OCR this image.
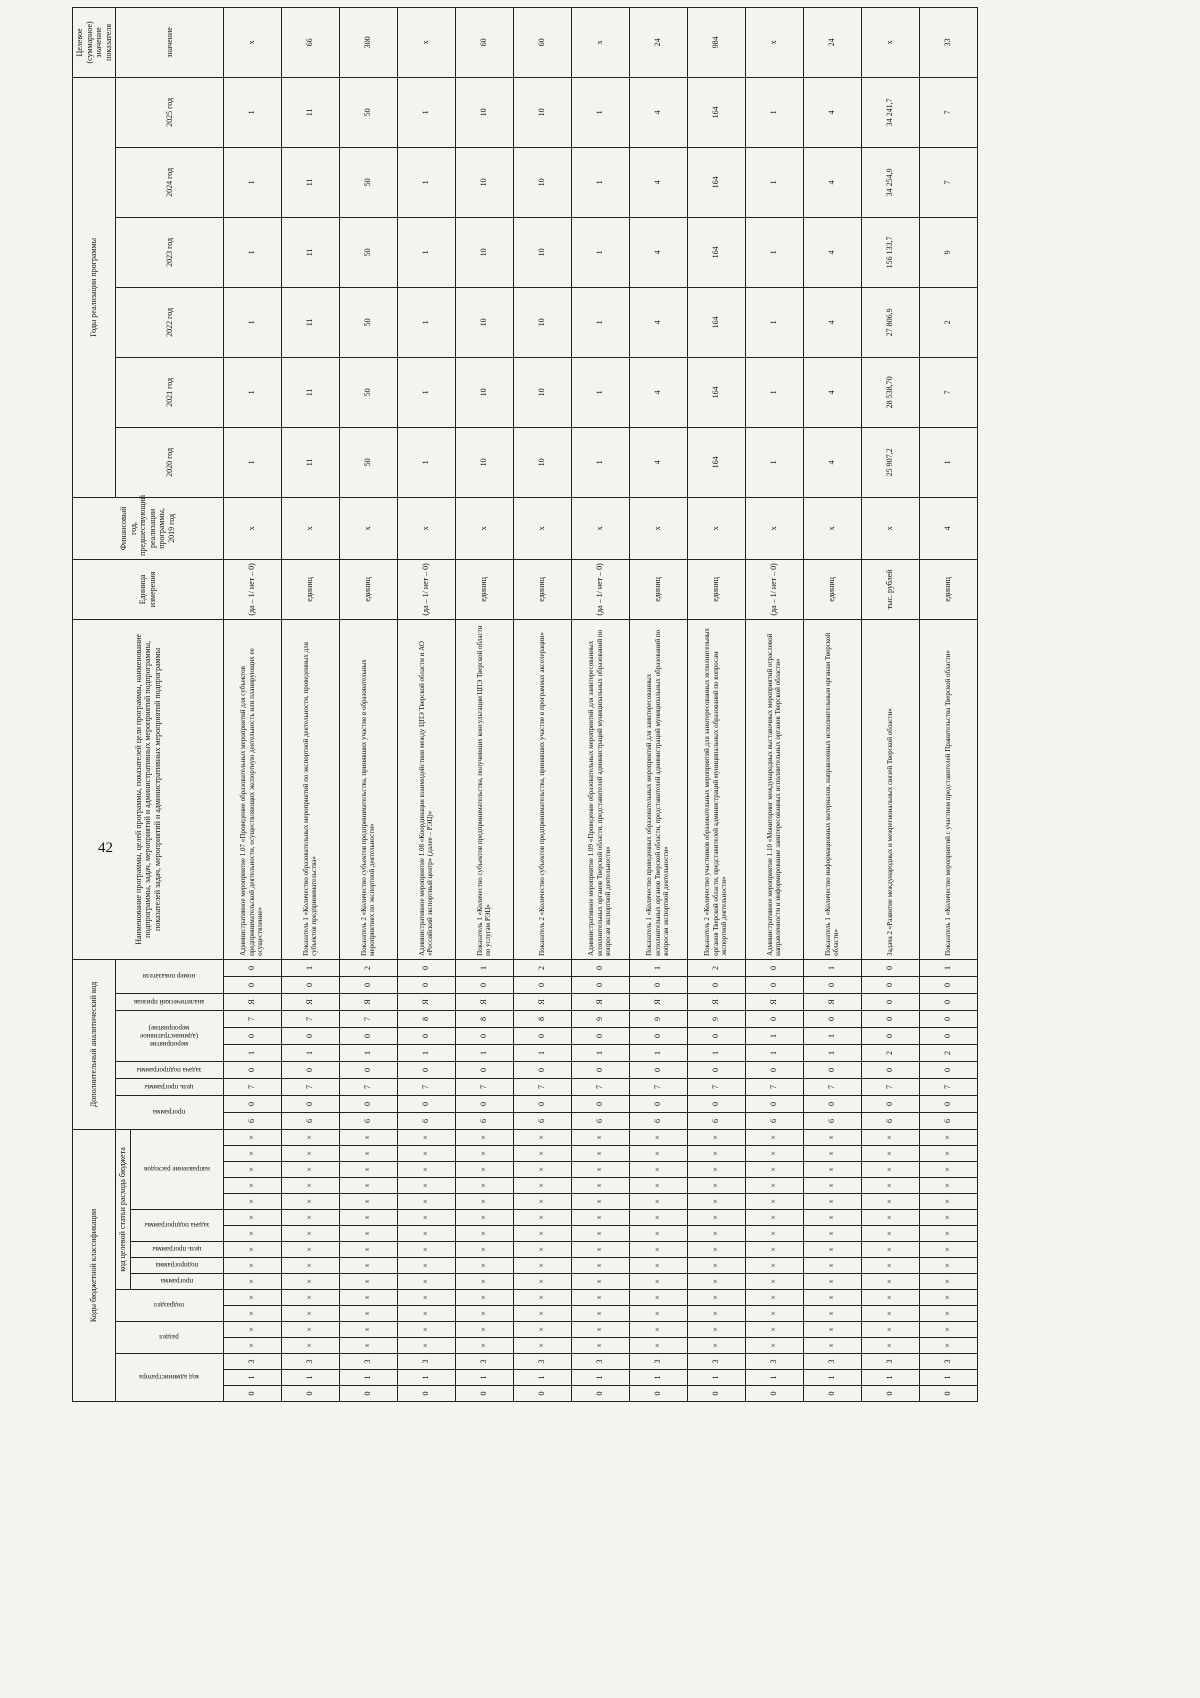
42
Коды бюджетной классификации																	Дополнительный аналитический код										Наименование программы, целей программы, показателей цели программы, наименование подпрограммы, задач, мероприятий и административных мероприятий подпрограммы, показателей задач, мероприятий и административных мероприятий подпрограммы	Единица измерения	Финансовый год, предшествующий реализации программы, 2019 год	Годы реализации программы						Целевое (суммарное) значение показателя

код администратора			раздел		подраздел		код целевой статьи расхода бюджета										программа		цель программы	задача подпрограммы	мероприятие (административное мероприятие)			аналитический признак	номер показателя					2020 год	2021 год	2022 год	2023 год	2024 год	2025 год	значение

							программа	подпрограмма	цель программы	задача подпрограммы		направление расходов																								

0	1	3	×	×	×	×	×	×	×	×	×	×	×	×	×	×	6	0	7	0	1	0	7	Я	0	0	Административное мероприятие 1.07 «Проведение образовательных мероприятий для субъектов предпринимательской деятельности, осуществляющих экспортную деятельность или планирующих ее осуществление»	(да – 1/ нет – 0)	x	1	1	1	1	1	1	x
0	1	3	×	×	×	×	×	×	×	×	×	×	×	×	×	×	6	0	7	0	1	0	7	Я	0	1	Показатель 1 «Количество образовательных мероприятий по экспортной деятельности, проведенных для субъектов предпринимательства»	единиц	x	11	11	11	11	11	11	66
0	1	3	×	×	×	×	×	×	×	×	×	×	×	×	×	×	6	0	7	0	1	0	7	Я	0	2	Показатель 2 «Количество субъектов предпринимательства, принявших участие в образовательных мероприятиях по экспортной деятельности»	единиц	x	50	50	50	50	50	50	300
0	1	3	×	×	×	×	×	×	×	×	×	×	×	×	×	×	6	0	7	0	1	0	8	Я	0	0	Административное мероприятие 1.08 «Координация взаимодействия между ЦПЭ Тверской области и АО «Российский экспортный центр» (далее – РЭЦ)»	(да – 1/ нет – 0)	x	1	1	1	1	1	1	x
0	1	3	×	×	×	×	×	×	×	×	×	×	×	×	×	×	6	0	7	0	1	0	8	Я	0	1	Показатель 1 «Количество субъектов предпринимательства, получивших консультации ЦПЭ Тверской области по услугам РЭЦ»	единиц	x	10	10	10	10	10	10	60
0	1	3	×	×	×	×	×	×	×	×	×	×	×	×	×	×	6	0	7	0	1	0	8	Я	0	2	Показатель 2 «Количество субъектов предпринимательства, принявших участие в программах акселерации»	единиц	x	10	10	10	10	10	10	60
0	1	3	×	×	×	×	×	×	×	×	×	×	×	×	×	×	6	0	7	0	1	0	9	Я	0	0	Административное мероприятие 1.09 «Проведение образовательных мероприятий для заинтересованных исполнительных органов Тверской области, представителей администраций муниципальных образований по вопросам экспортной деятельности»	(да – 1/ нет – 0)	x	1	1	1	1	1	1	x
0	1	3	×	×	×	×	×	×	×	×	×	×	×	×	×	×	6	0	7	0	1	0	9	Я	0	1	Показатель 1 «Количество проведенных образовательных мероприятий для заинтересованных исполнительных органов Тверской области, представителей администраций муниципальных образований по вопросам экспортной деятельности»	единиц	x	4	4	4	4	4	4	24
0	1	3	×	×	×	×	×	×	×	×	×	×	×	×	×	×	6	0	7	0	1	0	9	Я	0	2	Показатель 2 «Количество участников образовательных мероприятий для заинтересованных исполнительных органов Тверской области, представителей администраций муниципальных образований по вопросам экспортной деятельности»	единиц	x	164	164	164	164	164	164	984
0	1	3	×	×	×	×	×	×	×	×	×	×	×	×	×	×	6	0	7	0	1	1	0	Я	0	0	Административное мероприятие 1.10 «Мониторинг международных выставочных мероприятий отраслевой направленности и информирование заинтересованных исполнительных органов Тверской области»	(да – 1/ нет – 0)	x	1	1	1	1	1	1	x
0	1	3	×	×	×	×	×	×	×	×	×	×	×	×	×	×	6	0	7	0	1	1	0	Я	0	1	Показатель 1 «Количество информационных материалов, направленных исполнительным органам Тверской области»	единиц	x	4	4	4	4	4	4	24
0	1	3	×	×	×	×	×	×	×	×	×	×	×	×	×	×	6	0	7	0	2	0	0	0	0	0	Задача 2 «Развитие международных и межрегиональных связей Тверской области»	тыс. рублей	x	25 907,2	28 538,70	27 806,9	156 133,7	34 254,9	34 241,7	x
0	1	3	×	×	×	×	×	×	×	×	×	×	×	×	×	×	6	0	7	0	2	0	0	0	0	1	Показатель 1 «Количество мероприятий с участием представителей Правительства Тверской области»	единиц	4	1	7	2	9	7	7	33
